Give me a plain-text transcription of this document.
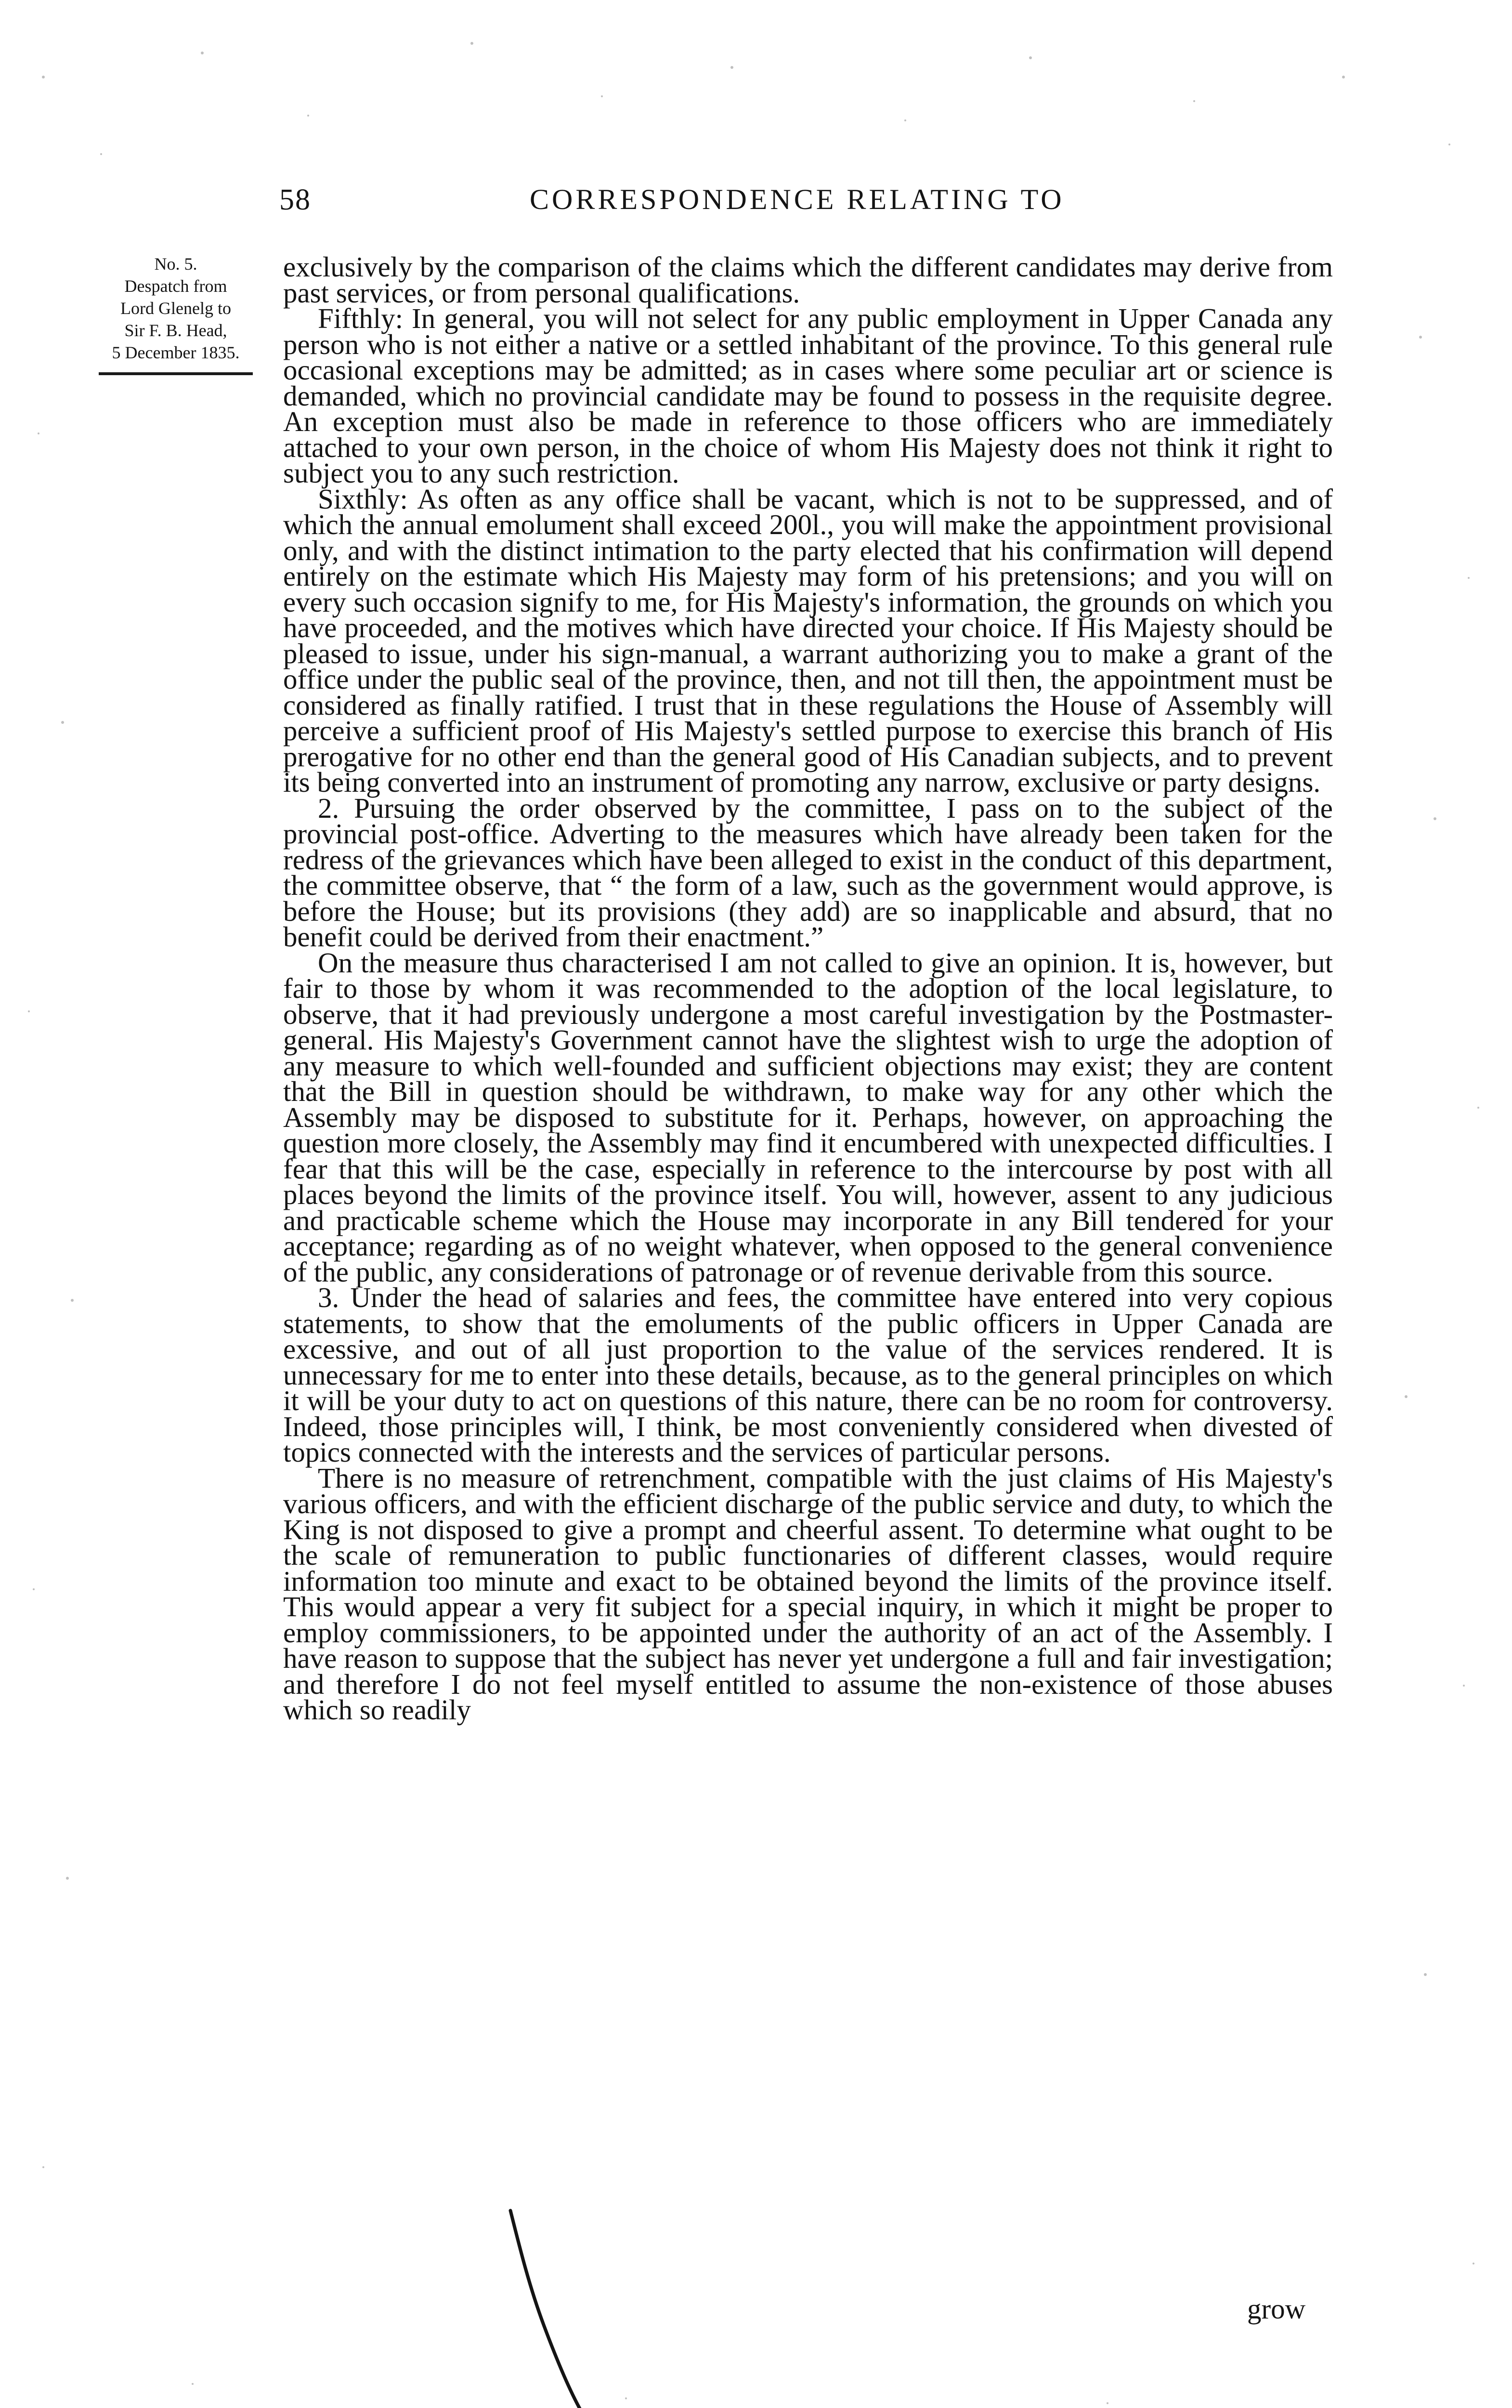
58	CORRESPONDENCE RELATING TO
No. 5.
Despatch from
Lord Glenelg to
Sir F. B. Head,
5 December 1835.

exclusively by the comparison of the claims which the different candidates may derive from past services, or from personal qualifications.

Fifthly: In general, you will not select for any public employment in Upper Canada any person who is not either a native or a settled inhabitant of the province. To this general rule occasional exceptions may be admitted; as in cases where some peculiar art or science is demanded, which no provincial candidate may be found to possess in the requisite degree. An exception must also be made in reference to those officers who are immediately attached to your own person, in the choice of whom His Majesty does not think it right to subject you to any such restriction.

Sixthly: As often as any office shall be vacant, which is not to be suppressed, and of which the annual emolument shall exceed 200l., you will make the appointment provisional only, and with the distinct intimation to the party elected that his confirmation will depend entirely on the estimate which His Majesty may form of his pretensions; and you will on every such occasion signify to me, for His Majesty's information, the grounds on which you have proceeded, and the motives which have directed your choice. If His Majesty should be pleased to issue, under his sign-manual, a warrant authorizing you to make a grant of the office under the public seal of the province, then, and not till then, the appointment must be considered as finally ratified. I trust that in these regulations the House of Assembly will perceive a sufficient proof of His Majesty's settled purpose to exercise this branch of His prerogative for no other end than the general good of His Canadian subjects, and to prevent its being converted into an instrument of promoting any narrow, exclusive or party designs.

2. Pursuing the order observed by the committee, I pass on to the subject of the provincial post-office. Adverting to the measures which have already been taken for the redress of the grievances which have been alleged to exist in the conduct of this department, the committee observe, that “ the form of a law, such as the government would approve, is before the House; but its provisions (they add) are so inapplicable and absurd, that no benefit could be derived from their enactment.”

On the measure thus characterised I am not called to give an opinion. It is, however, but fair to those by whom it was recommended to the adoption of the local legislature, to observe, that it had previously undergone a most careful investigation by the Postmaster-general. His Majesty's Government cannot have the slightest wish to urge the adoption of any measure to which well-founded and sufficient objections may exist; they are content that the Bill in question should be withdrawn, to make way for any other which the Assembly may be disposed to substitute for it. Perhaps, however, on approaching the question more closely, the Assembly may find it encumbered with unexpected difficulties. I fear that this will be the case, especially in reference to the intercourse by post with all places beyond the limits of the province itself. You will, however, assent to any judicious and practicable scheme which the House may incorporate in any Bill tendered for your acceptance; regarding as of no weight whatever, when opposed to the general convenience of the public, any considerations of patronage or of revenue derivable from this source.

3. Under the head of salaries and fees, the committee have entered into very copious statements, to show that the emoluments of the public officers in Upper Canada are excessive, and out of all just proportion to the value of the services rendered. It is unnecessary for me to enter into these details, because, as to the general principles on which it will be your duty to act on questions of this nature, there can be no room for controversy. Indeed, those principles will, I think, be most conveniently considered when divested of topics connected with the interests and the services of particular persons.

There is no measure of retrenchment, compatible with the just claims of His Majesty's various officers, and with the efficient discharge of the public service and duty, to which the King is not disposed to give a prompt and cheerful assent. To determine what ought to be the scale of remuneration to public functionaries of different classes, would require information too minute and exact to be obtained beyond the limits of the province itself. This would appear a very fit subject for a special inquiry, in which it might be proper to employ commissioners, to be appointed under the authority of an act of the Assembly. I have reason to suppose that the subject has never yet undergone a full and fair investigation; and therefore I do not feel myself entitled to assume the non-existence of those abuses which so readily

grow
